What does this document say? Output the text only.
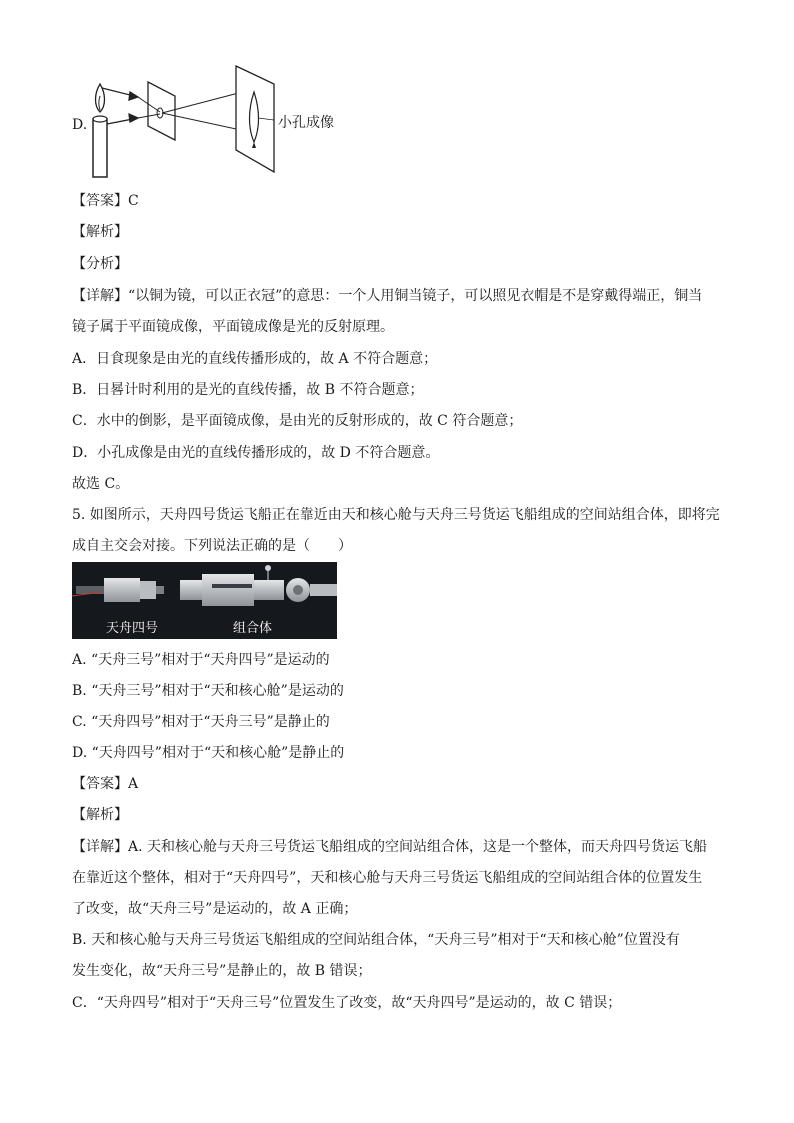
D.	小孔成像
【答案】C
【解析】
【分析】
【详解】“以铜为镜，可以正衣冠”的意思：一个人用铜当镜子，可以照见衣帽是不是穿戴得端正，铜当
镜子属于平面镜成像，平面镜成像是光的反射原理。
A．日食现象是由光的直线传播形成的，故 A 不符合题意；
B．日晷计时利用的是光的直线传播，故 B 不符合题意；
C．水中的倒影，是平面镜成像，是由光的反射形成的，故 C 符合题意；
D．小孔成像是由光的直线传播形成的，故 D 不符合题意。
故选 C。
5. 如图所示，天舟四号货运飞船正在靠近由天和核心舱与天舟三号货运飞船组成的空间站组合体，即将完
成自主交会对接。下列说法正确的是（　　）
天舟四号	组合体
A. “天舟三号”相对于“天舟四号”是运动的
B. “天舟三号”相对于“天和核心舱”是运动的
C. “天舟四号”相对于“天舟三号”是静止的
D. “天舟四号”相对于“天和核心舱”是静止的
【答案】A
【解析】
【详解】A. 天和核心舱与天舟三号货运飞船组成的空间站组合体，这是一个整体，而天舟四号货运飞船
在靠近这个整体，相对于“天舟四号”，天和核心舱与天舟三号货运飞船组成的空间站组合体的位置发生
了改变，故“天舟三号”是运动的，故 A 正确；
B. 天和核心舱与天舟三号货运飞船组成的空间站组合体，“天舟三号”相对于“天和核心舱”位置没有
发生变化，故“天舟三号”是静止的，故 B 错误；
C．“天舟四号”相对于“天舟三号”位置发生了改变，故“天舟四号”是运动的，故 C 错误；
